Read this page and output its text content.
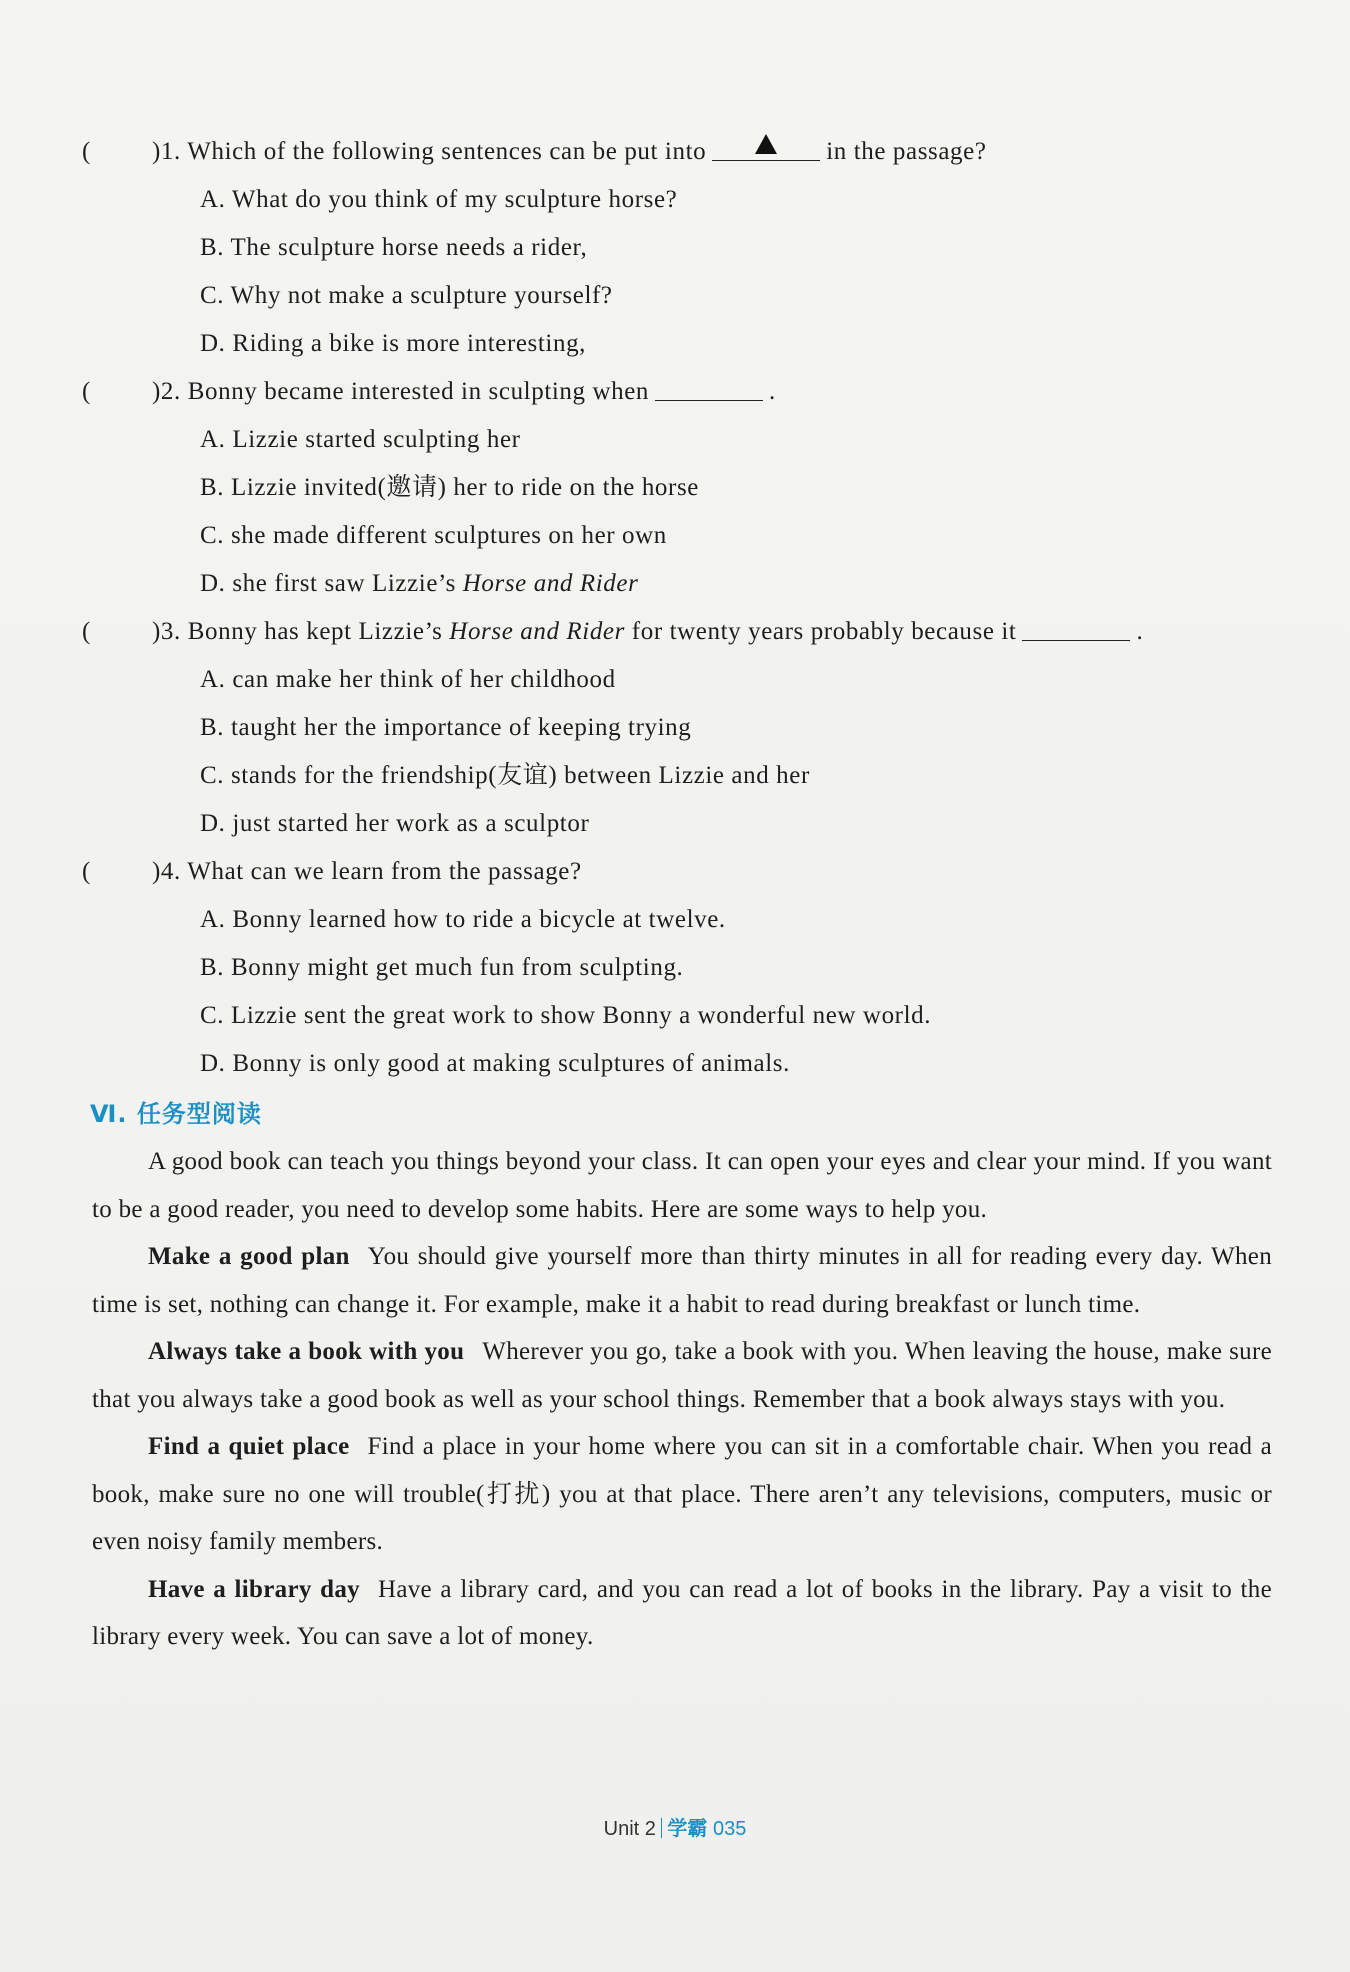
( )1. Which of the following sentences can be put into	in the passage?
A. What do you think of my sculpture horse?
B. The sculpture horse needs a rider,
C. Why not make a sculpture yourself?
D. Riding a bike is more interesting,
( )2. Bonny became interested in sculpting when	.
A. Lizzie started sculpting her
B. Lizzie invited(邀请) her to ride on the horse
C. she made different sculptures on her own
D. she first saw Lizzie’s Horse and Rider
( )3. Bonny has kept Lizzie’s Horse and Rider for twenty years probably because it	.
A. can make her think of her childhood
B. taught her the importance of keeping trying
C. stands for the friendship(友谊) between Lizzie and her
D. just started her work as a sculptor
( )4. What can we learn from the passage?
A. Bonny learned how to ride a bicycle at twelve.
B. Bonny might get much fun from sculpting.
C. Lizzie sent the great work to show Bonny a wonderful new world.
D. Bonny is only good at making sculptures of animals.
Ⅵ. 任务型阅读

A good book can teach you things beyond your class. It can open your eyes and clear your mind. If you want to be a good reader, you need to develop some habits. Here are some ways to help you.

Make a good plan You should give yourself more than thirty minutes in all for reading every day. When time is set, nothing can change it. For example, make it a habit to read during breakfast or lunch time.

Always take a book with you Wherever you go, take a book with you. When leaving the house, make sure that you always take a good book as well as your school things. Remember that a book always stays with you.

Find a quiet place Find a place in your home where you can sit in a comfortable chair. When you read a book, make sure no one will trouble(打扰) you at that place. There aren’t any televisions, computers, music or even noisy family members.

Have a library day Have a library card, and you can read a lot of books in the library. Pay a visit to the library every week. You can save a lot of money.

Unit 2 学霸 035
